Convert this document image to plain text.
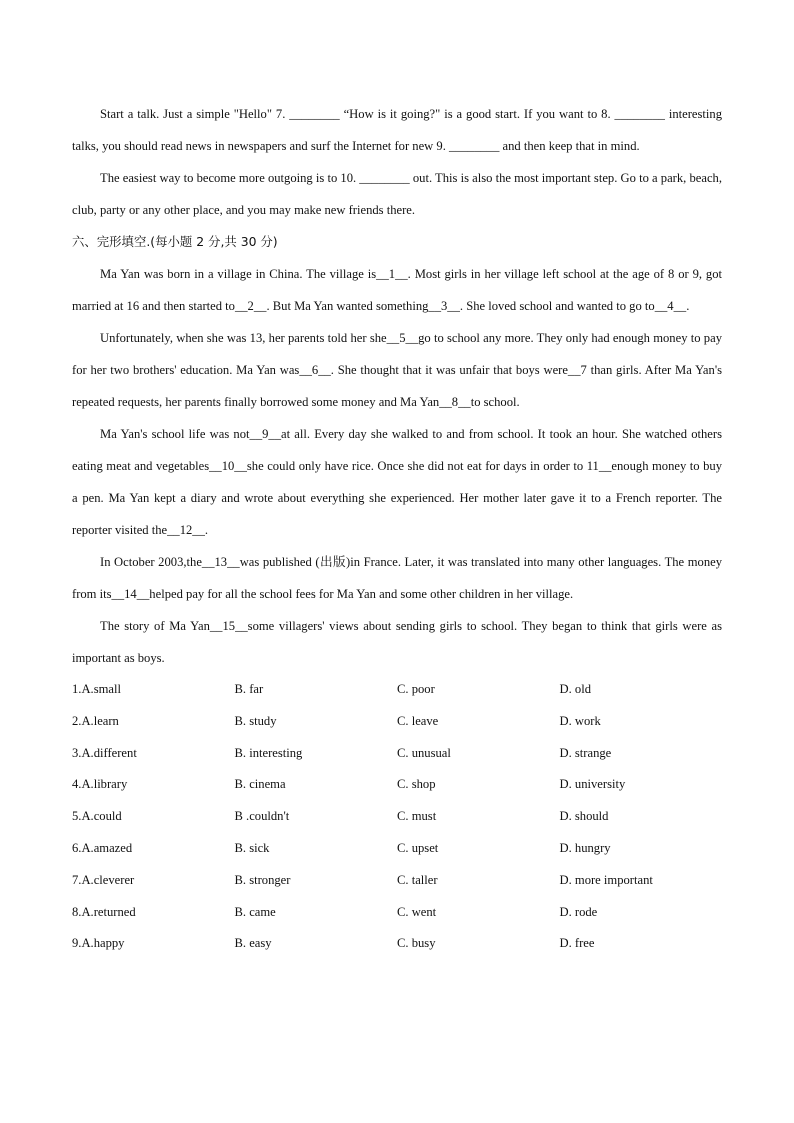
Start a talk. Just a simple "Hello" 7. ________ “How is it going?" is a good start. If you want to 8. ________ interesting talks, you should read news in newspapers and surf the Internet for new 9. ________ and then keep that in mind.
The easiest way to become more outgoing is to 10. ________ out. This is also the most important step. Go to a park, beach, club, party or any other place, and you may make new friends there.
六、完形填空.(每小题 2 分,共 30 分)
Ma Yan was born in a village in China. The village is__1__. Most girls in her village left school at the age of 8 or 9, got married at 16 and then started to__2__. But Ma Yan wanted something__3__. She loved school and wanted to go to__4__.
Unfortunately, when she was 13, her parents told her she__5__go to school any more. They only had enough money to pay for her two brothers' education. Ma Yan was__6__. She thought that it was unfair that boys were__7 than girls. After Ma Yan's repeated requests, her parents finally borrowed some money and Ma Yan__8__to school.
Ma Yan's school life was not__9__at all. Every day she walked to and from school. It took an hour. She watched others eating meat and vegetables__10__she could only have rice. Once she did not eat for days in order to 11__enough money to buy a pen. Ma Yan kept a diary and wrote about everything she experienced. Her mother later gave it to a French reporter. The reporter visited the__12__.
In October 2003,the__13__was published (出版)in France. Later, it was translated into many other languages. The money from its__14__helped pay for all the school fees for Ma Yan and some other children in her village.
The story of Ma Yan__15__some villagers' views about sending girls to school. They began to think that girls were as important as boys.
1.A.small	B. far	C. poor	D. old
2.A.learn	B. study	C. leave	D. work
3.A.different	B. interesting	C. unusual	D. strange
4.A.library	B. cinema	C. shop	D. university
5.A.could	B .couldn't	C. must	D. should
6.A.amazed	B. sick	C. upset	D. hungry
7.A.cleverer	B. stronger	C. taller	D. more important
8.A.returned	B. came	C. went	D. rode
9.A.happy	B. easy	C. busy	D. free
